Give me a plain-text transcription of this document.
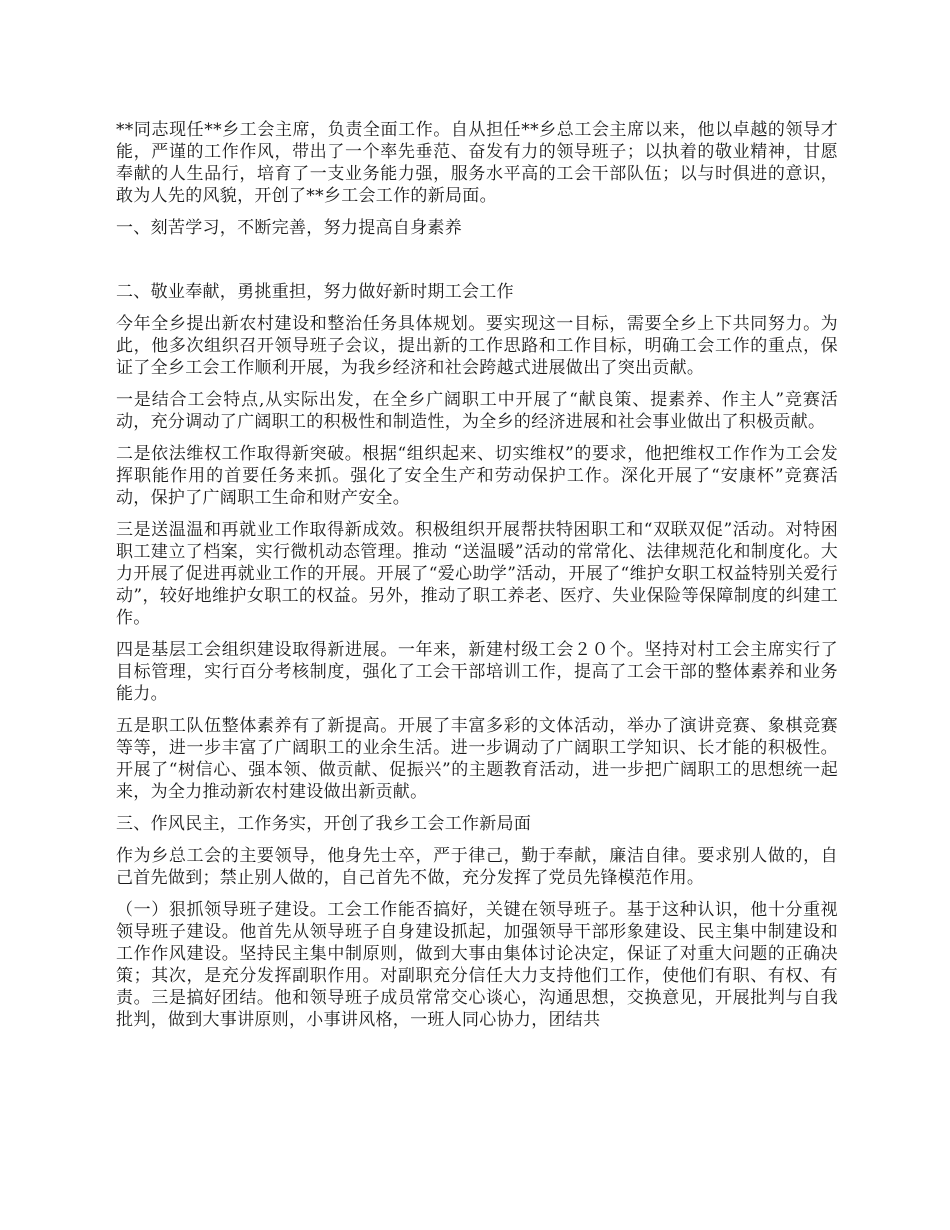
**同志现任**乡工会主席，负责全面工作。自从担任**乡总工会主席以来，他以卓越的领导才能，严谨的工作作风，带出了一个率先垂范、奋发有力的领导班子；以执着的敬业精神，甘愿奉献的人生品行，培育了一支业务能力强，服务水平高的工会干部队伍；以与时俱进的意识，敢为人先的风貌，开创了**乡工会工作的新局面。

一、刻苦学习，不断完善，努力提高自身素养

二、敬业奉献，勇挑重担，努力做好新时期工会工作

今年全乡提出新农村建设和整治任务具体规划。要实现这一目标，需要全乡上下共同努力。为此，他多次组织召开领导班子会议，提出新的工作思路和工作目标，明确工会工作的重点，保证了全乡工会工作顺利开展，为我乡经济和社会跨越式进展做出了突出贡献。

一是结合工会特点,从实际出发，在全乡广阔职工中开展了“献良策、提素养、作主人”竞赛活动，充分调动了广阔职工的积极性和制造性，为全乡的经济进展和社会事业做出了积极贡献。

二是依法维权工作取得新突破。根据“组织起来、切实维权”的要求，他把维权工作作为工会发挥职能作用的首要任务来抓。强化了安全生产和劳动保护工作。深化开展了“安康杯”竞赛活动，保护了广阔职工生命和财产安全。

三是送温温和再就业工作取得新成效。积极组织开展帮扶特困职工和“双联双促”活动。对特困职工建立了档案，实行微机动态管理。推动 “送温暖”活动的常常化、法律规范化和制度化。大力开展了促进再就业工作的开展。开展了“爱心助学”活动，开展了“维护女职工权益特别关爱行动”，较好地维护女职工的权益。另外，推动了职工养老、医疗、失业保险等保障制度的纠建工作。

四是基层工会组织建设取得新进展。一年来，新建村级工会２０个。坚持对村工会主席实行了目标管理，实行百分考核制度，强化了工会干部培训工作，提高了工会干部的整体素养和业务能力。

五是职工队伍整体素养有了新提高。开展了丰富多彩的文体活动，举办了演讲竞赛、象棋竞赛等等，进一步丰富了广阔职工的业余生活。进一步调动了广阔职工学知识、长才能的积极性。开展了“树信心、强本领、做贡献、促振兴”的主题教育活动，进一步把广阔职工的思想统一起来，为全力推动新农村建设做出新贡献。

三、作风民主，工作务实，开创了我乡工会工作新局面

作为乡总工会的主要领导，他身先士卒，严于律己，勤于奉献，廉洁自律。要求别人做的，自己首先做到；禁止别人做的，自己首先不做，充分发挥了党员先锋模范作用。

（一）狠抓领导班子建设。工会工作能否搞好，关键在领导班子。基于这种认识，他十分重视领导班子建设。他首先从领导班子自身建设抓起，加强领导干部形象建设、民主集中制建设和工作作风建设。坚持民主集中制原则，做到大事由集体讨论决定，保证了对重大问题的正确决策；其次，是充分发挥副职作用。对副职充分信任大力支持他们工作，使他们有职、有权、有责。三是搞好团结。他和领导班子成员常常交心谈心，沟通思想，交换意见，开展批判与自我批判，做到大事讲原则，小事讲风格，一班人同心协力，团结共
